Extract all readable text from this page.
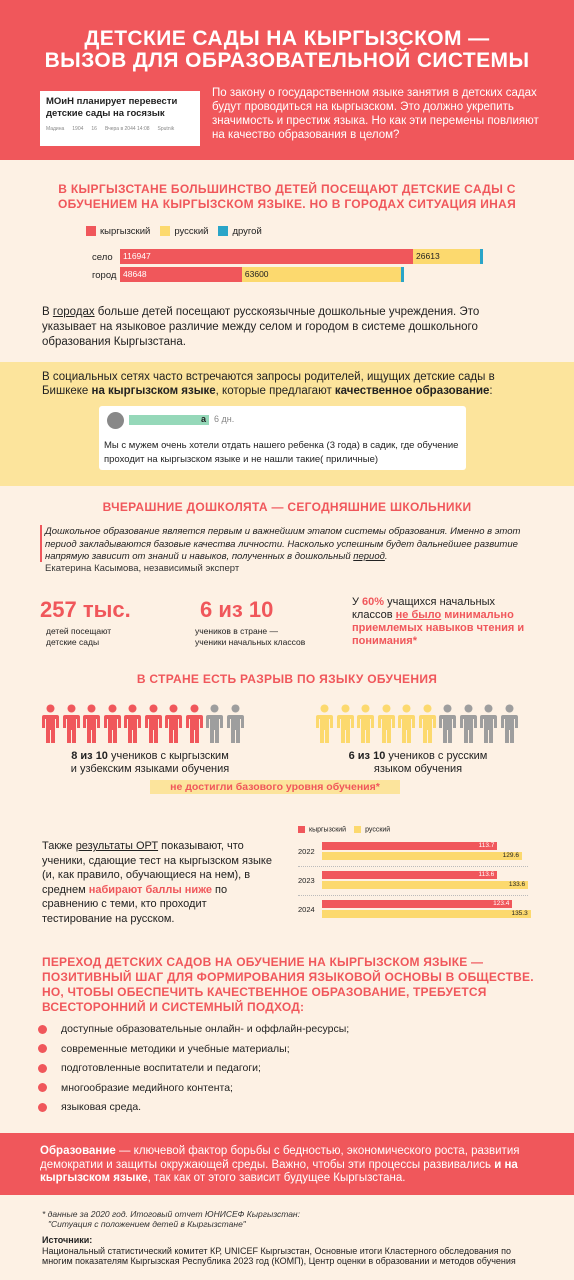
ДЕТСКИЕ САДЫ НА КЫРГЫЗСКОМ —
ВЫЗОВ ДЛЯ ОБРАЗОВАТЕЛЬНОЙ СИСТЕМЫ
МОиН планирует перевести детские сады на госязык
Мадина 1904 16 Вчера в 2044 14:08 Sputnik
По закону о государственном языке занятия в детских садах будут проводиться на кыргызском. Это должно укрепить значимость и престиж языка. Но как эти перемены повлияют на качество образования в целом?
В КЫРГЫЗСТАНЕ БОЛЬШИНСТВО ДЕТЕЙ ПОСЕЩАЮТ ДЕТСКИЕ САДЫ С
ОБУЧЕНИЕМ НА КЫРГЫЗСКОМ ЯЗЫКЕ. НО В ГОРОДАХ СИТУАЦИЯ ИНАЯ
кыргызский	русский	другой
село
город
116947	26613
48648	63600
В городах больше детей посещают русскоязычные дошкольные учреждения. Это указывает на языковое различие между селом и городом в системе дошкольного образования Кыргызстана.
В социальных сетях часто встречаются запросы родителей, ищущих детские сады в Бишкеке на кыргызском языке, которые предлагают качественное образование:
а 6 дн.
Мы с мужем очень хотели отдать нашего ребенка (3 года) в садик, где обучение проходит на кыргызском языке и не нашли такие( приличные)
ВЧЕРАШНИЕ ДОШКОЛЯТА — СЕГОДНЯШНИЕ ШКОЛЬНИКИ
Дошкольное образование является первым и важнейшим этапом системы образования. Именно в этот период закладываются базовые качества личности. Насколько успешным будет дальнейшее развитие напрямую зависит от знаний и навыков, полученных в дошкольный период.
Екатерина Касымова, независимый эксперт
257 тыс.
детей посещают
детские сады
6 из 10
учеников в стране —
ученики начальных классов
У 60% учащихся начальных классов не было минимально приемлемых навыков чтения и понимания*
В СТРАНЕ ЕСТЬ РАЗРЫВ ПО ЯЗЫКУ ОБУЧЕНИЯ
8 из 10 учеников с кыргызским
и узбекским языками обучения
6 из 10 учеников с русским
языком обучения
не достигли базового уровня обучения*
Также результаты ОРТ показывают, что ученики, сдающие тест на кыргызском языке (и, как правило, обучающиеся на нем), в среднем набирают баллы ниже по сравнению с теми, кто проходит тестирование на русском.
кыргызский	русский
2022
113.7
129.6
2023
113.6
133.6
2024
123.4
135.3
ПЕРЕХОД ДЕТСКИХ САДОВ НА ОБУЧЕНИЕ НА КЫРГЫЗСКОМ ЯЗЫКЕ —
ПОЗИТИВНЫЙ ШАГ ДЛЯ ФОРМИРОВАНИЯ ЯЗЫКОВОЙ ОСНОВЫ В ОБЩЕСТВЕ.
НО, ЧТОБЫ ОБЕСПЕЧИТЬ КАЧЕСТВЕННОЕ ОБРАЗОВАНИЕ, ТРЕБУЕТСЯ
ВСЕСТОРОННИЙ И СИСТЕМНЫЙ ПОДХОД:
доступные образовательные онлайн- и оффлайн-ресурсы;
современные методики и учебные материалы;
подготовленные воспитатели и педагоги;
многообразие медийного контента;
языковая среда.
Образование — ключевой фактор борьбы с бедностью, экономического роста, развития демократии и защиты окружающей среды. Важно, чтобы эти процессы развивались и на кыргызском языке, так как от этого зависит будущее Кыргызстана.
* данные за 2020 год. Итоговый отчет ЮНИСЕФ Кыргызстан:
"Ситуация с положением детей в Кыргызстане"
Источники:
Национальный статистический комитет КР, UNICEF Кыргызстан, Основные итоги Кластерного обследования по многим показателям Кыргызская Республика 2023 год (КОМП), Центр оценки в образовании и методов обучения
